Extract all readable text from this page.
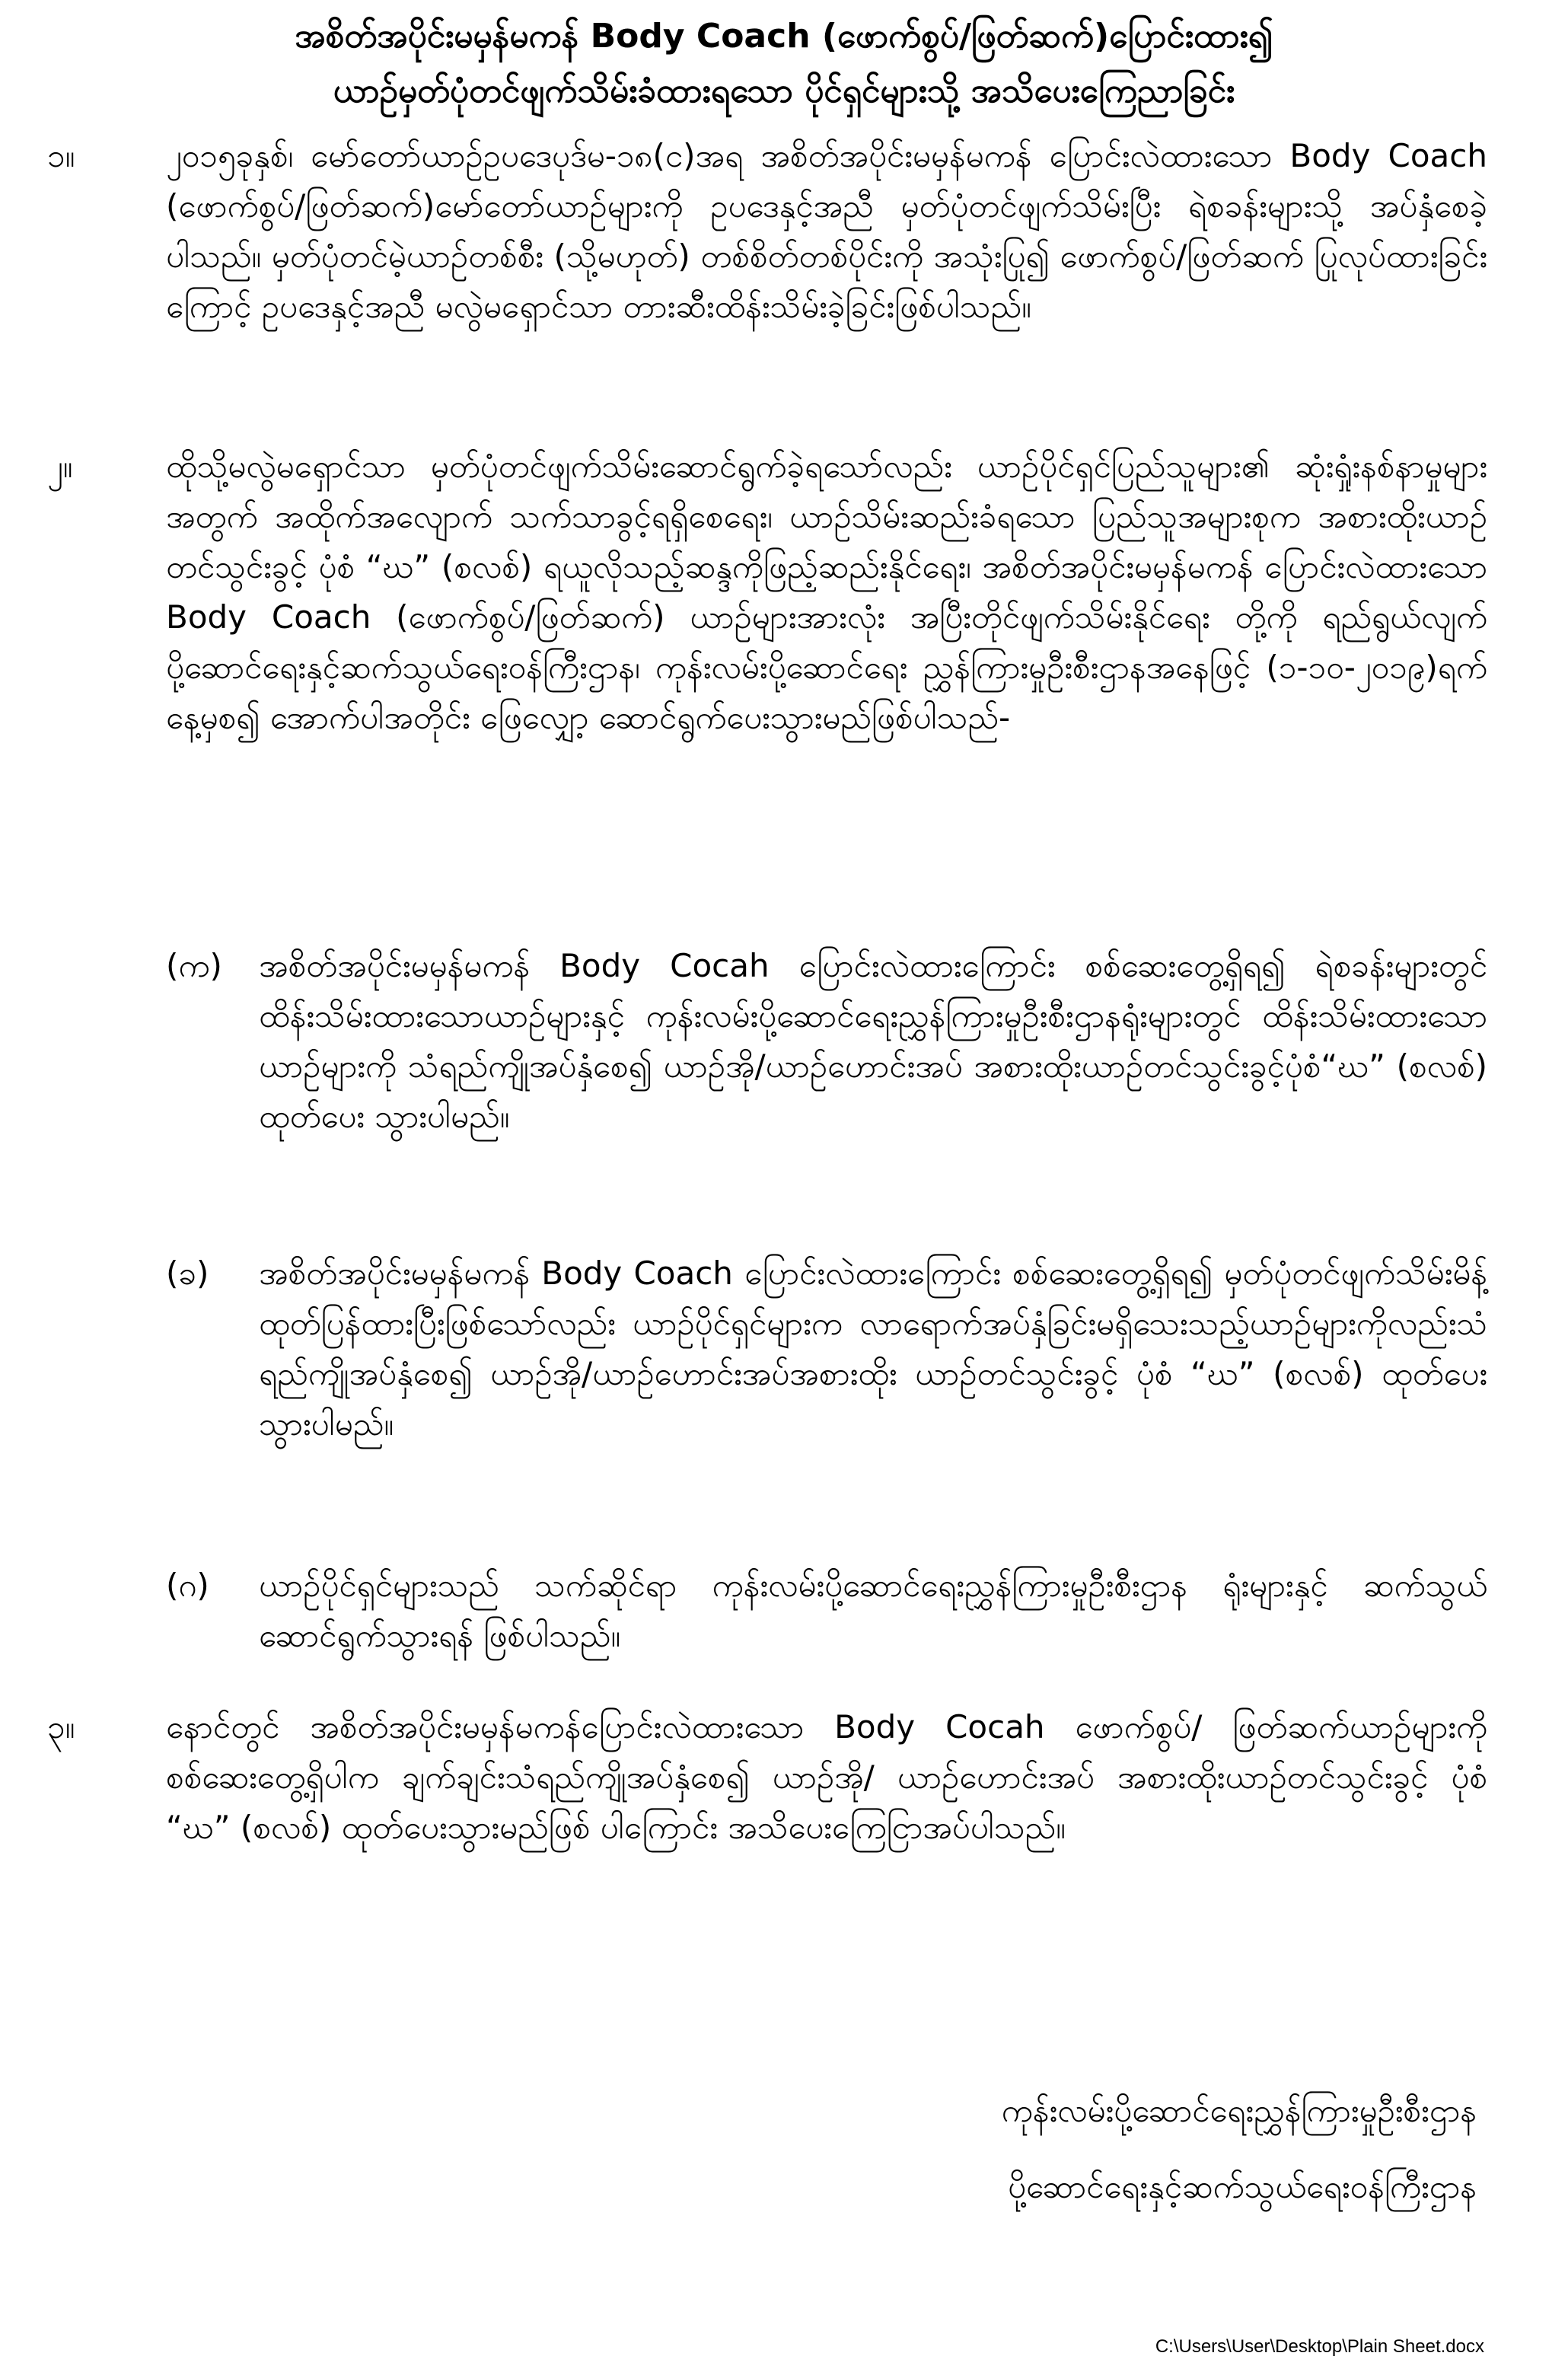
အစိတ်အပိုင်းမမှန်မကန် Body Coach (ဖောက်စွပ်/ဖြတ်ဆက်)ပြောင်းထား၍
ယာဉ်မှတ်ပုံတင်ဖျက်သိမ်းခံထားရသော ပိုင်ရှင်များသို့ အသိပေးကြေညာခြင်း
၁။	၂၀၁၅ခုနှစ်၊ မော်တော်ယာဉ်ဥပဒေပုဒ်မ-၁၈(င)အရ အစိတ်အပိုင်းမမှန်မကန် ပြောင်းလဲထားသော Body Coach (ဖောက်စွပ်/ဖြတ်ဆက်)မော်တော်ယာဉ်များကို ဥပဒေနှင့်အညီ မှတ်ပုံတင်ဖျက်သိမ်းပြီး ရဲစခန်းများသို့ အပ်နှံစေခဲ့ပါသည်။ မှတ်ပုံတင်မဲ့ယာဉ်တစ်စီး (သို့မဟုတ်) တစ်စိတ်တစ်ပိုင်းကို အသုံးပြု၍ ဖောက်စွပ်/ဖြတ်ဆက် ပြုလုပ်ထားခြင်းကြောင့် ဥပဒေနှင့်အညီ မလွဲမရှောင်သာ တားဆီးထိန်းသိမ်းခဲ့ခြင်းဖြစ်ပါသည်။
၂။	ထိုသို့မလွဲမရှောင်သာ မှတ်ပုံတင်ဖျက်သိမ်းဆောင်ရွက်ခဲ့ရသော်လည်း ယာဉ်ပိုင်ရှင်ပြည်သူများ၏ ဆုံးရှုံးနစ်နာမှုများအတွက် အထိုက်အလျောက် သက်သာခွင့်ရရှိစေရေး၊ ယာဉ်သိမ်းဆည်းခံရသော ပြည်သူအများစုက အစားထိုးယာဉ်တင်သွင်းခွင့် ပုံစံ “ဃ” (စလစ်) ရယူလိုသည့်ဆန္ဒကိုဖြည့်ဆည်းနိုင်ရေး၊ အစိတ်အပိုင်းမမှန်မကန် ပြောင်းလဲထားသော Body Coach (ဖောက်စွပ်/ဖြတ်ဆက်) ယာဉ်များအားလုံး အပြီးတိုင်ဖျက်သိမ်းနိုင်ရေး တို့ကို ရည်ရွယ်လျက် ပို့ဆောင်ရေးနှင့်ဆက်သွယ်ရေးဝန်ကြီးဌာန၊ ကုန်းလမ်းပို့ဆောင်ရေး ညွှန်ကြားမှုဦးစီးဌာနအနေဖြင့် (၁-၁၀-၂၀၁၉)ရက်နေ့မှစ၍ အောက်ပါအတိုင်း ဖြေလျှော့ ဆောင်ရွက်ပေးသွားမည်ဖြစ်ပါသည်-
(က) အစိတ်အပိုင်းမမှန်မကန် Body Cocah ပြောင်းလဲထားကြောင်း စစ်ဆေးတွေ့ရှိရ၍ ရဲစခန်းများတွင် ထိန်းသိမ်းထားသောယာဉ်များနှင့် ကုန်းလမ်းပို့ဆောင်ရေးညွှန်ကြားမှုဦးစီးဌာနရုံးများတွင် ထိန်းသိမ်းထားသော ယာဉ်များကို သံရည်ကျိုအပ်နှံစေ၍ ယာဉ်အို/ယာဉ်ဟောင်းအပ် အစားထိုးယာဉ်တင်သွင်းခွင့်ပုံစံ“ဃ” (စလစ်) ထုတ်ပေး သွားပါမည်။
(ခ) အစိတ်အပိုင်းမမှန်မကန် Body Coach ပြောင်းလဲထားကြောင်း စစ်ဆေးတွေ့ရှိရ၍ မှတ်ပုံတင်ဖျက်သိမ်းမိန့် ထုတ်ပြန်ထားပြီးဖြစ်သော်လည်း ယာဉ်ပိုင်ရှင်များက လာရောက်အပ်နှံခြင်းမရှိသေးသည့်ယာဉ်များကိုလည်းသံရည်ကျိုအပ်နှံစေ၍ ယာဉ်အို/ယာဉ်ဟောင်းအပ်အစားထိုး ယာဉ်တင်သွင်းခွင့် ပုံစံ “ဃ” (စလစ်) ထုတ်ပေးသွားပါမည်။
(ဂ) ယာဉ်ပိုင်ရှင်များသည် သက်ဆိုင်ရာ ကုန်းလမ်းပို့ဆောင်ရေးညွှန်ကြားမှုဦးစီးဌာန ရုံးများနှင့် ဆက်သွယ်ဆောင်ရွက်သွားရန် ဖြစ်ပါသည်။
၃။	နောင်တွင် အစိတ်အပိုင်းမမှန်မကန်ပြောင်းလဲထားသော Body Cocah ဖောက်စွပ်/ ဖြတ်ဆက်ယာဉ်များကို စစ်ဆေးတွေ့ရှိပါက ချက်ချင်းသံရည်ကျိုအပ်နှံစေ၍ ယာဉ်အို/ ယာဉ်ဟောင်းအပ် အစားထိုးယာဉ်တင်သွင်းခွင့် ပုံစံ “ဃ” (စလစ်) ထုတ်ပေးသွားမည်ဖြစ် ပါကြောင်း အသိပေးကြေငြာအပ်ပါသည်။
ကုန်းလမ်းပို့ဆောင်ရေးညွှန်ကြားမှုဦးစီးဌာန
ပို့ဆောင်ရေးနှင့်ဆက်သွယ်ရေးဝန်ကြီးဌာန
C:\Users\User\Desktop\Plain Sheet.docx
